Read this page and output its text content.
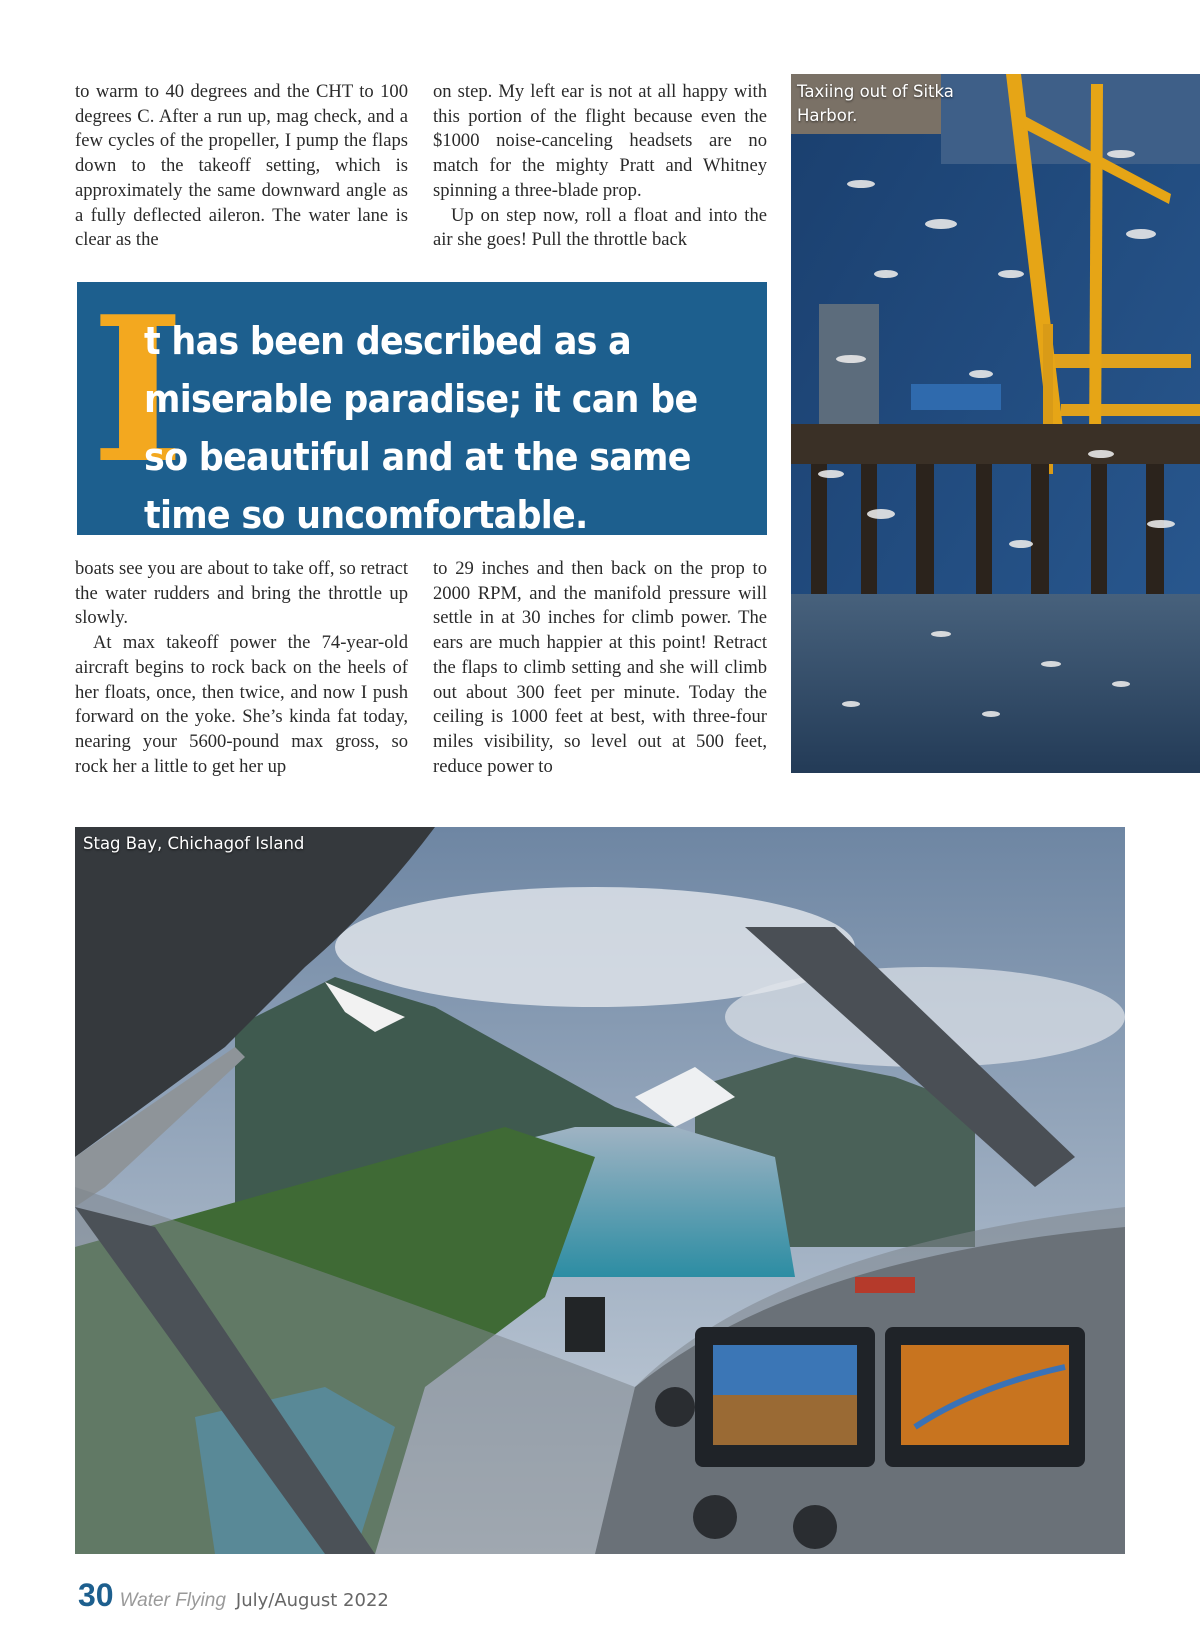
to warm to 40 degrees and the CHT to 100 degrees C. After a run up, mag check, and a few cycles of the propeller, I pump the flaps down to the takeoff setting, which is approximately the same downward angle as a fully deflected aileron. The water lane is clear as the

on step. My left ear is not at all happy with this portion of the flight because even the $1000 noise-canceling headsets are no match for the mighty Pratt and Whitney spinning a three-blade prop.

Up on step now, roll a float and into the air she goes! Pull the throttle back

I

t has been described as a miserable paradise; it can be so beautiful and at the same time so uncomfortable.

boats see you are about to take off, so retract the water rudders and bring the throttle up slowly.

At max takeoff power the 74-year-old aircraft begins to rock back on the heels of her floats, once, then twice, and now I push forward on the yoke. She’s kinda fat today, nearing your 5600-pound max gross, so rock her a little to get her up

to 29 inches and then back on the prop to 2000 RPM, and the manifold pressure will settle in at 30 inches for climb power. The ears are much happier at this point! Retract the flaps to climb setting and she will climb out about 300 feet per minute. Today the ceiling is 1000 feet at best, with three-four miles visibility, so level out at 500 feet, reduce power to

Taxiing out of Sitka Harbor.

Stag Bay, Chichagof Island

30 Water Flying July/August 2022
